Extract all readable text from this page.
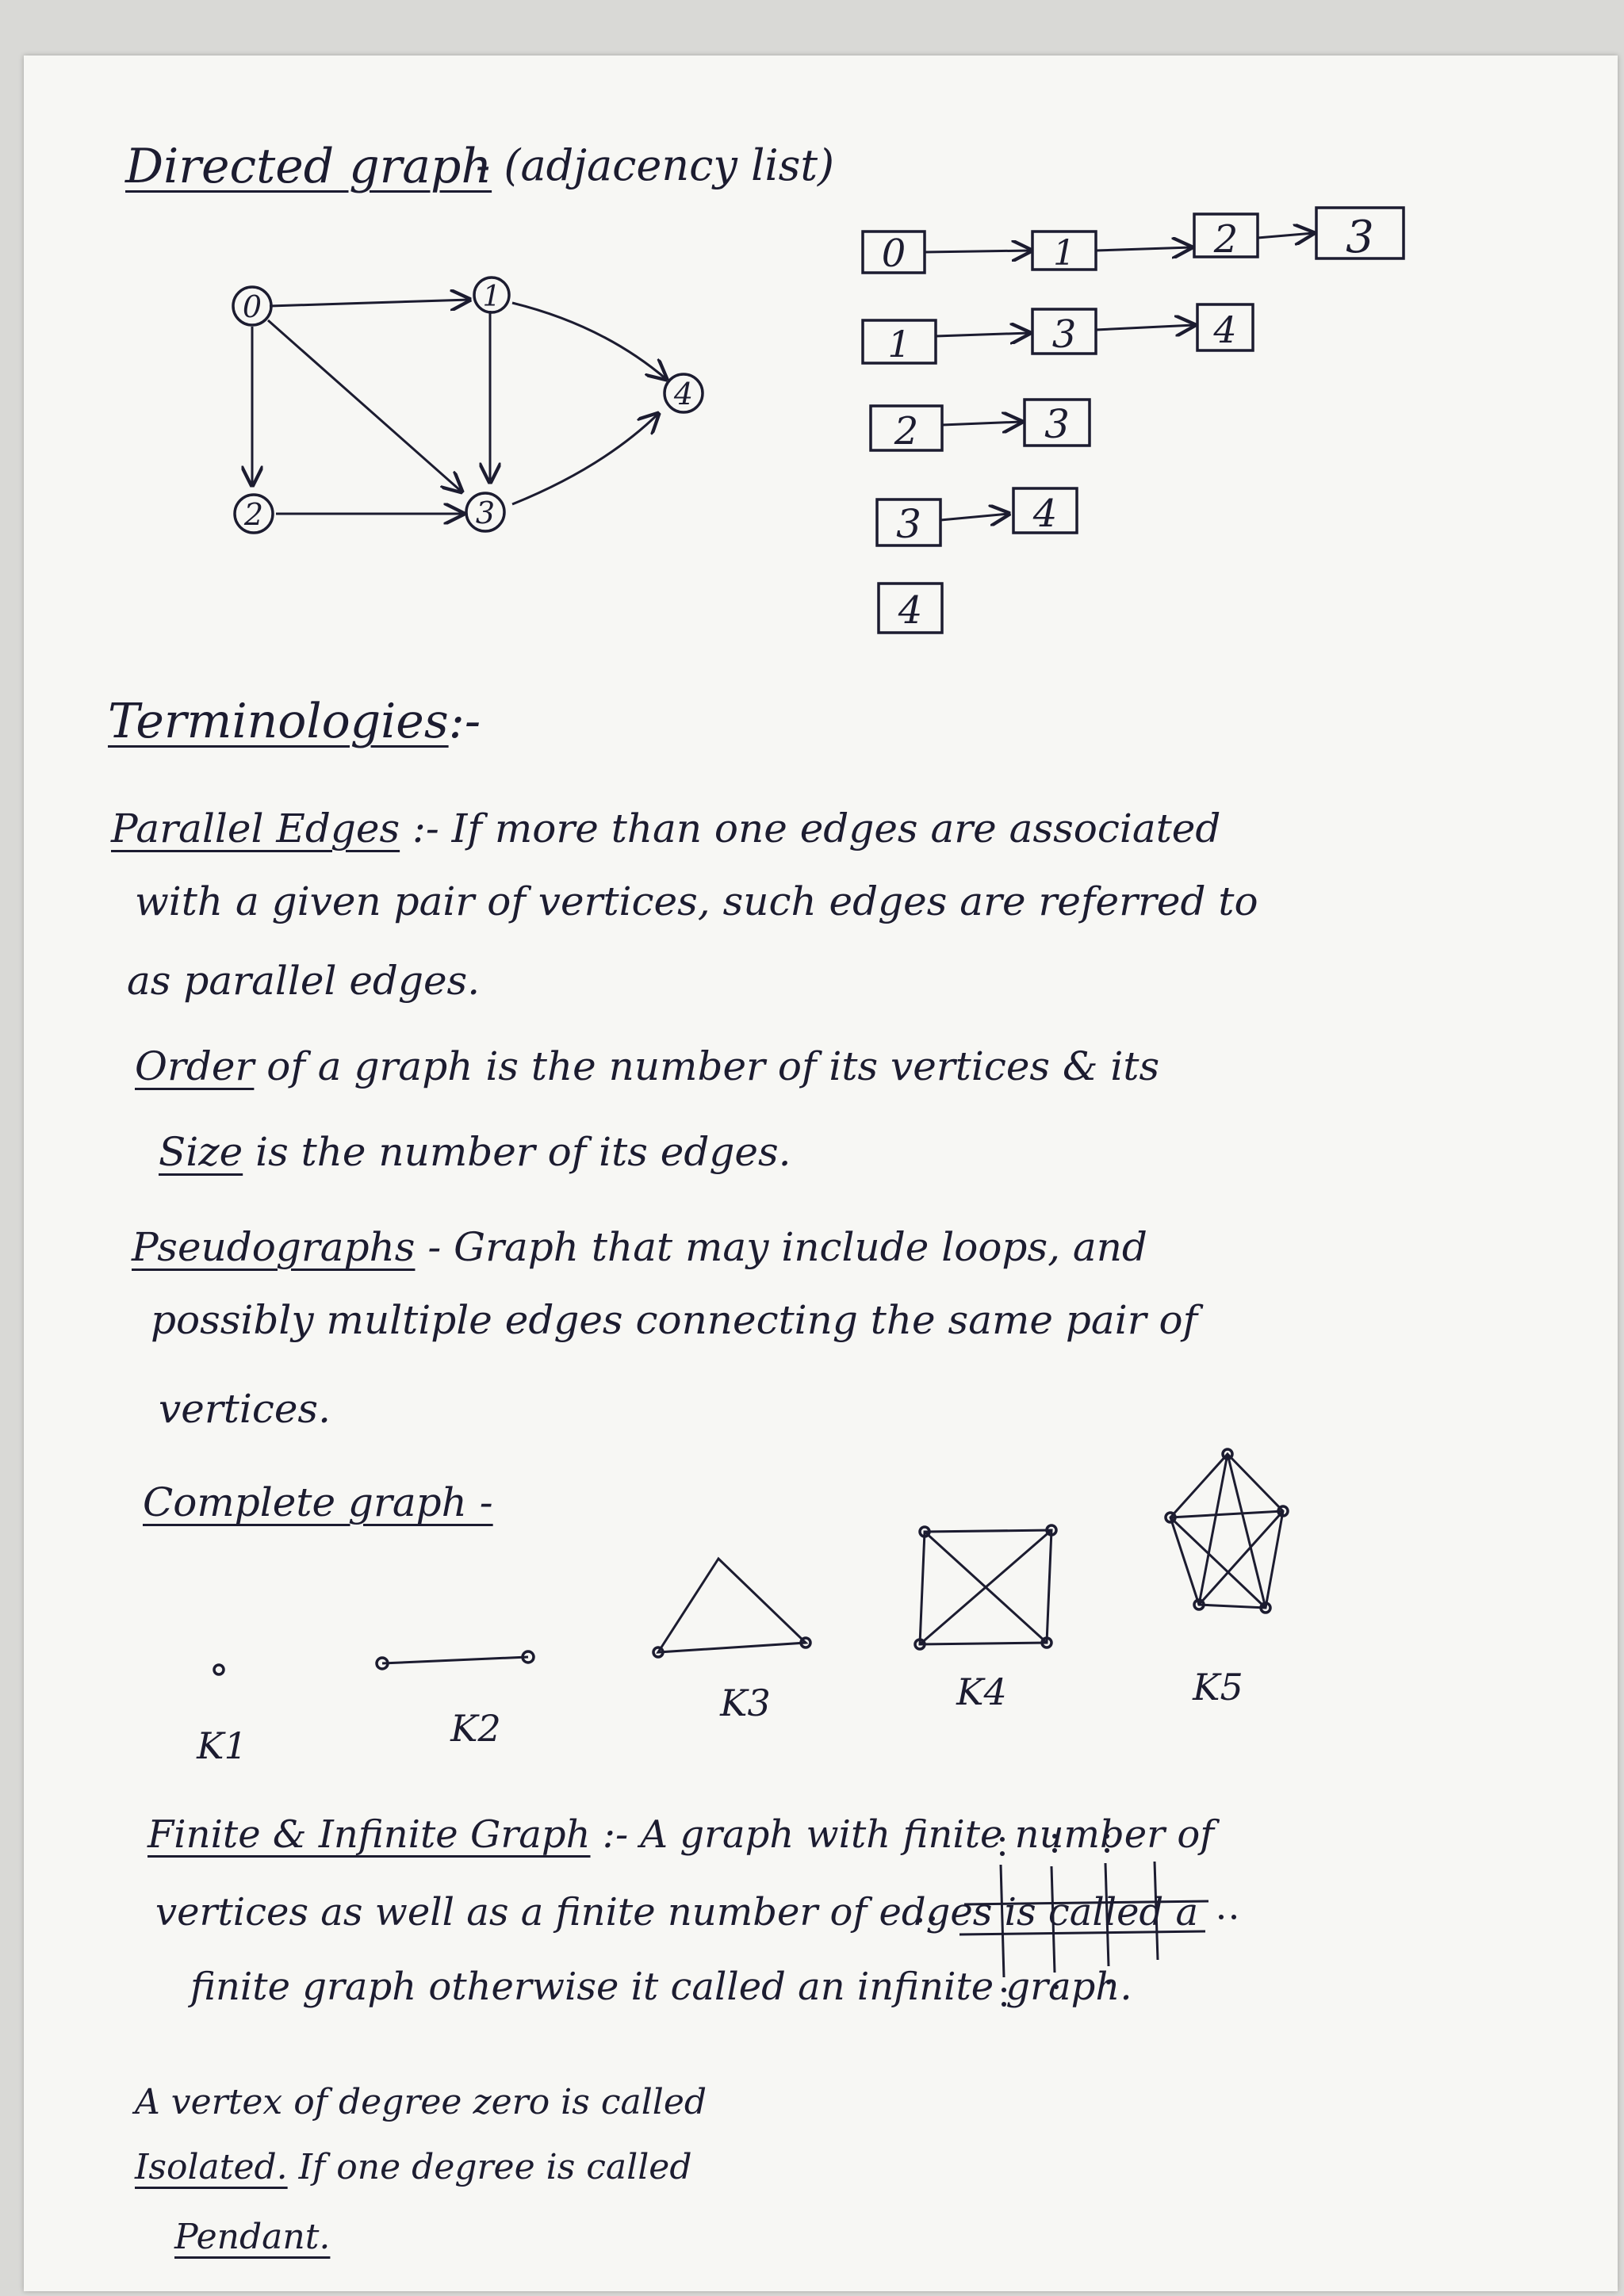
Directed graph
- (adjacency list)
0	1
2	3
4
0	1	2 3
1	3	4
2	3
3	4
4
Terminologies:-
Parallel Edges :- If more than one edges are associated
with a given pair of vertices, such edges are referred to
as parallel edges.
Order of a graph is the number of its vertices & its
Size is the number of its edges.
Pseudographs - Graph that may include loops, and
possibly multiple edges connecting the same pair of
vertices.
Complete graph -
K1	K2
K3	K4	K5
Finite & Infinite Graph :- A graph with finite number of
vertices as well as a finite number of edges is called a
finite graph otherwise it called an infinite graph.
A vertex of degree zero is called
Isolated. If one degree is called
Pendant.
